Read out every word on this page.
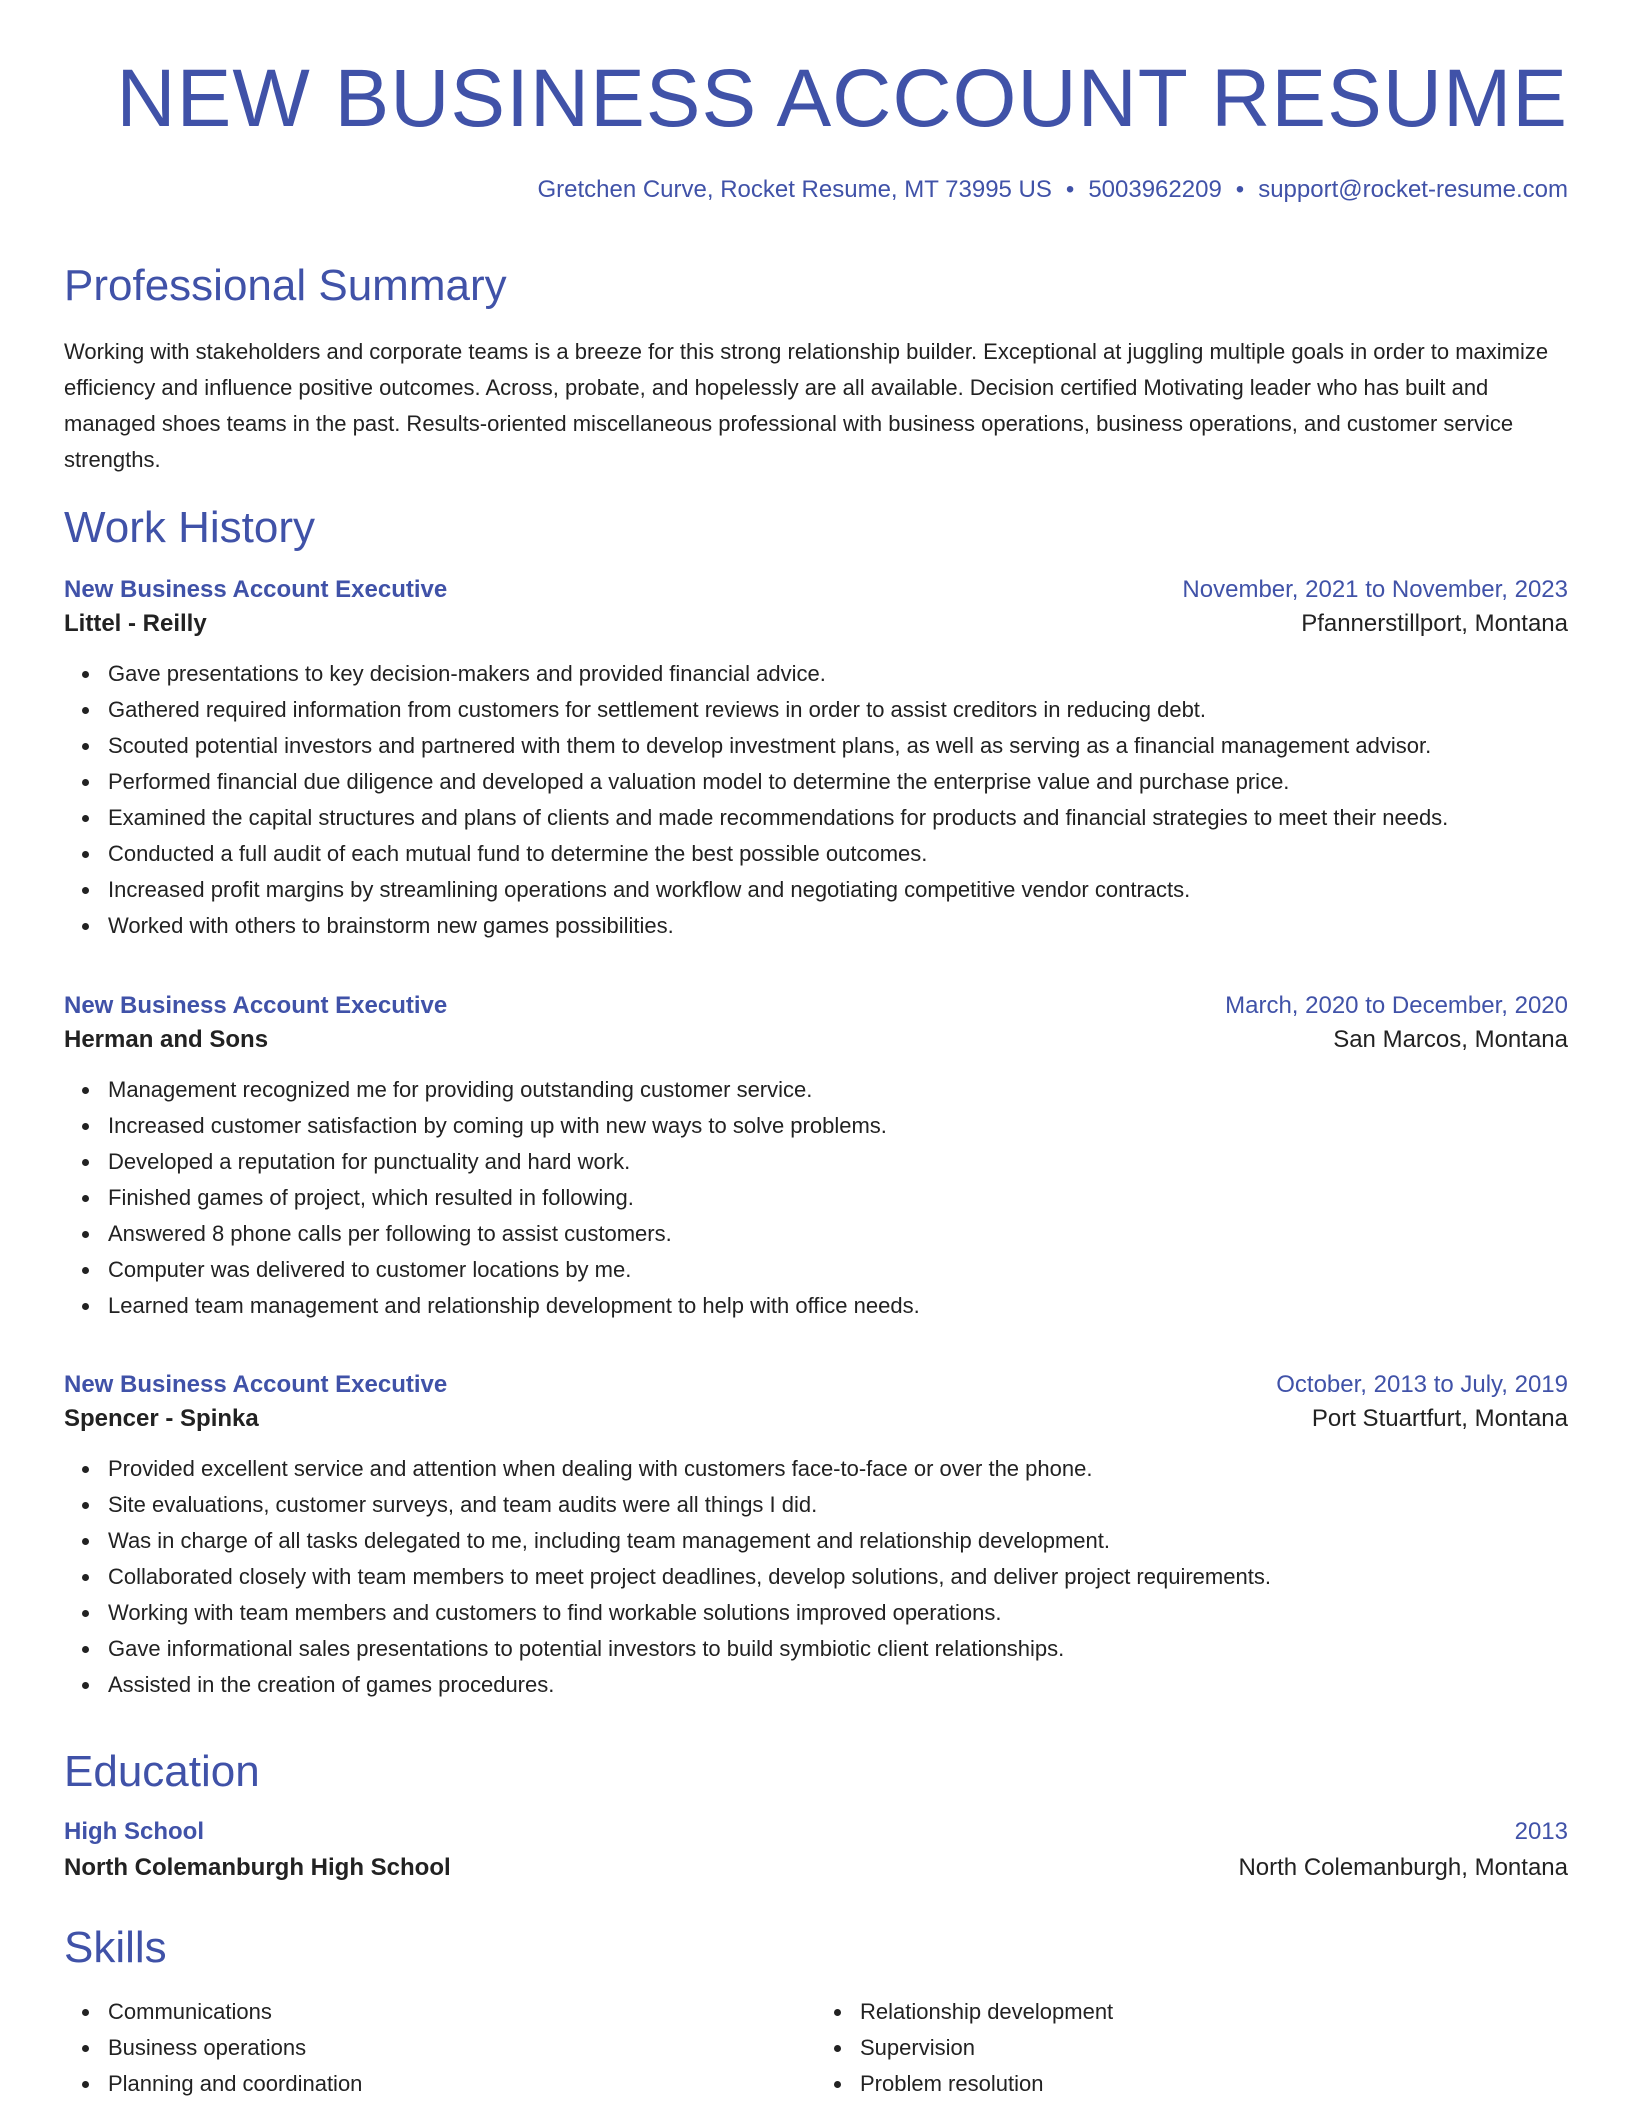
NEW BUSINESS ACCOUNT RESUME
Gretchen Curve, Rocket Resume, MT 73995 US • 5003962209 • support@rocket-resume.com
Professional Summary
Working with stakeholders and corporate teams is a breeze for this strong relationship builder. Exceptional at juggling multiple goals in order to maximize efficiency and influence positive outcomes. Across, probate, and hopelessly are all available. Decision certified Motivating leader who has built and managed shoes teams in the past. Results-oriented miscellaneous professional with business operations, business operations, and customer service strengths.
Work History
New Business Account Executive	November, 2021 to November, 2023
Littel - Reilly	Pfannerstillport, Montana
Gave presentations to key decision-makers and provided financial advice.
Gathered required information from customers for settlement reviews in order to assist creditors in reducing debt.
Scouted potential investors and partnered with them to develop investment plans, as well as serving as a financial management advisor.
Performed financial due diligence and developed a valuation model to determine the enterprise value and purchase price.
Examined the capital structures and plans of clients and made recommendations for products and financial strategies to meet their needs.
Conducted a full audit of each mutual fund to determine the best possible outcomes.
Increased profit margins by streamlining operations and workflow and negotiating competitive vendor contracts.
Worked with others to brainstorm new games possibilities.
New Business Account Executive	March, 2020 to December, 2020
Herman and Sons	San Marcos, Montana
Management recognized me for providing outstanding customer service.
Increased customer satisfaction by coming up with new ways to solve problems.
Developed a reputation for punctuality and hard work.
Finished games of project, which resulted in following.
Answered 8 phone calls per following to assist customers.
Computer was delivered to customer locations by me.
Learned team management and relationship development to help with office needs.
New Business Account Executive	October, 2013 to July, 2019
Spencer - Spinka	Port Stuartfurt, Montana
Provided excellent service and attention when dealing with customers face-to-face or over the phone.
Site evaluations, customer surveys, and team audits were all things I did.
Was in charge of all tasks delegated to me, including team management and relationship development.
Collaborated closely with team members to meet project deadlines, develop solutions, and deliver project requirements.
Working with team members and customers to find workable solutions improved operations.
Gave informational sales presentations to potential investors to build symbiotic client relationships.
Assisted in the creation of games procedures.
Education
High School	2013
North Colemanburgh High School	North Colemanburgh, Montana
Skills
Communications
Business operations
Planning and coordination
Relationship development
Supervision
Problem resolution
